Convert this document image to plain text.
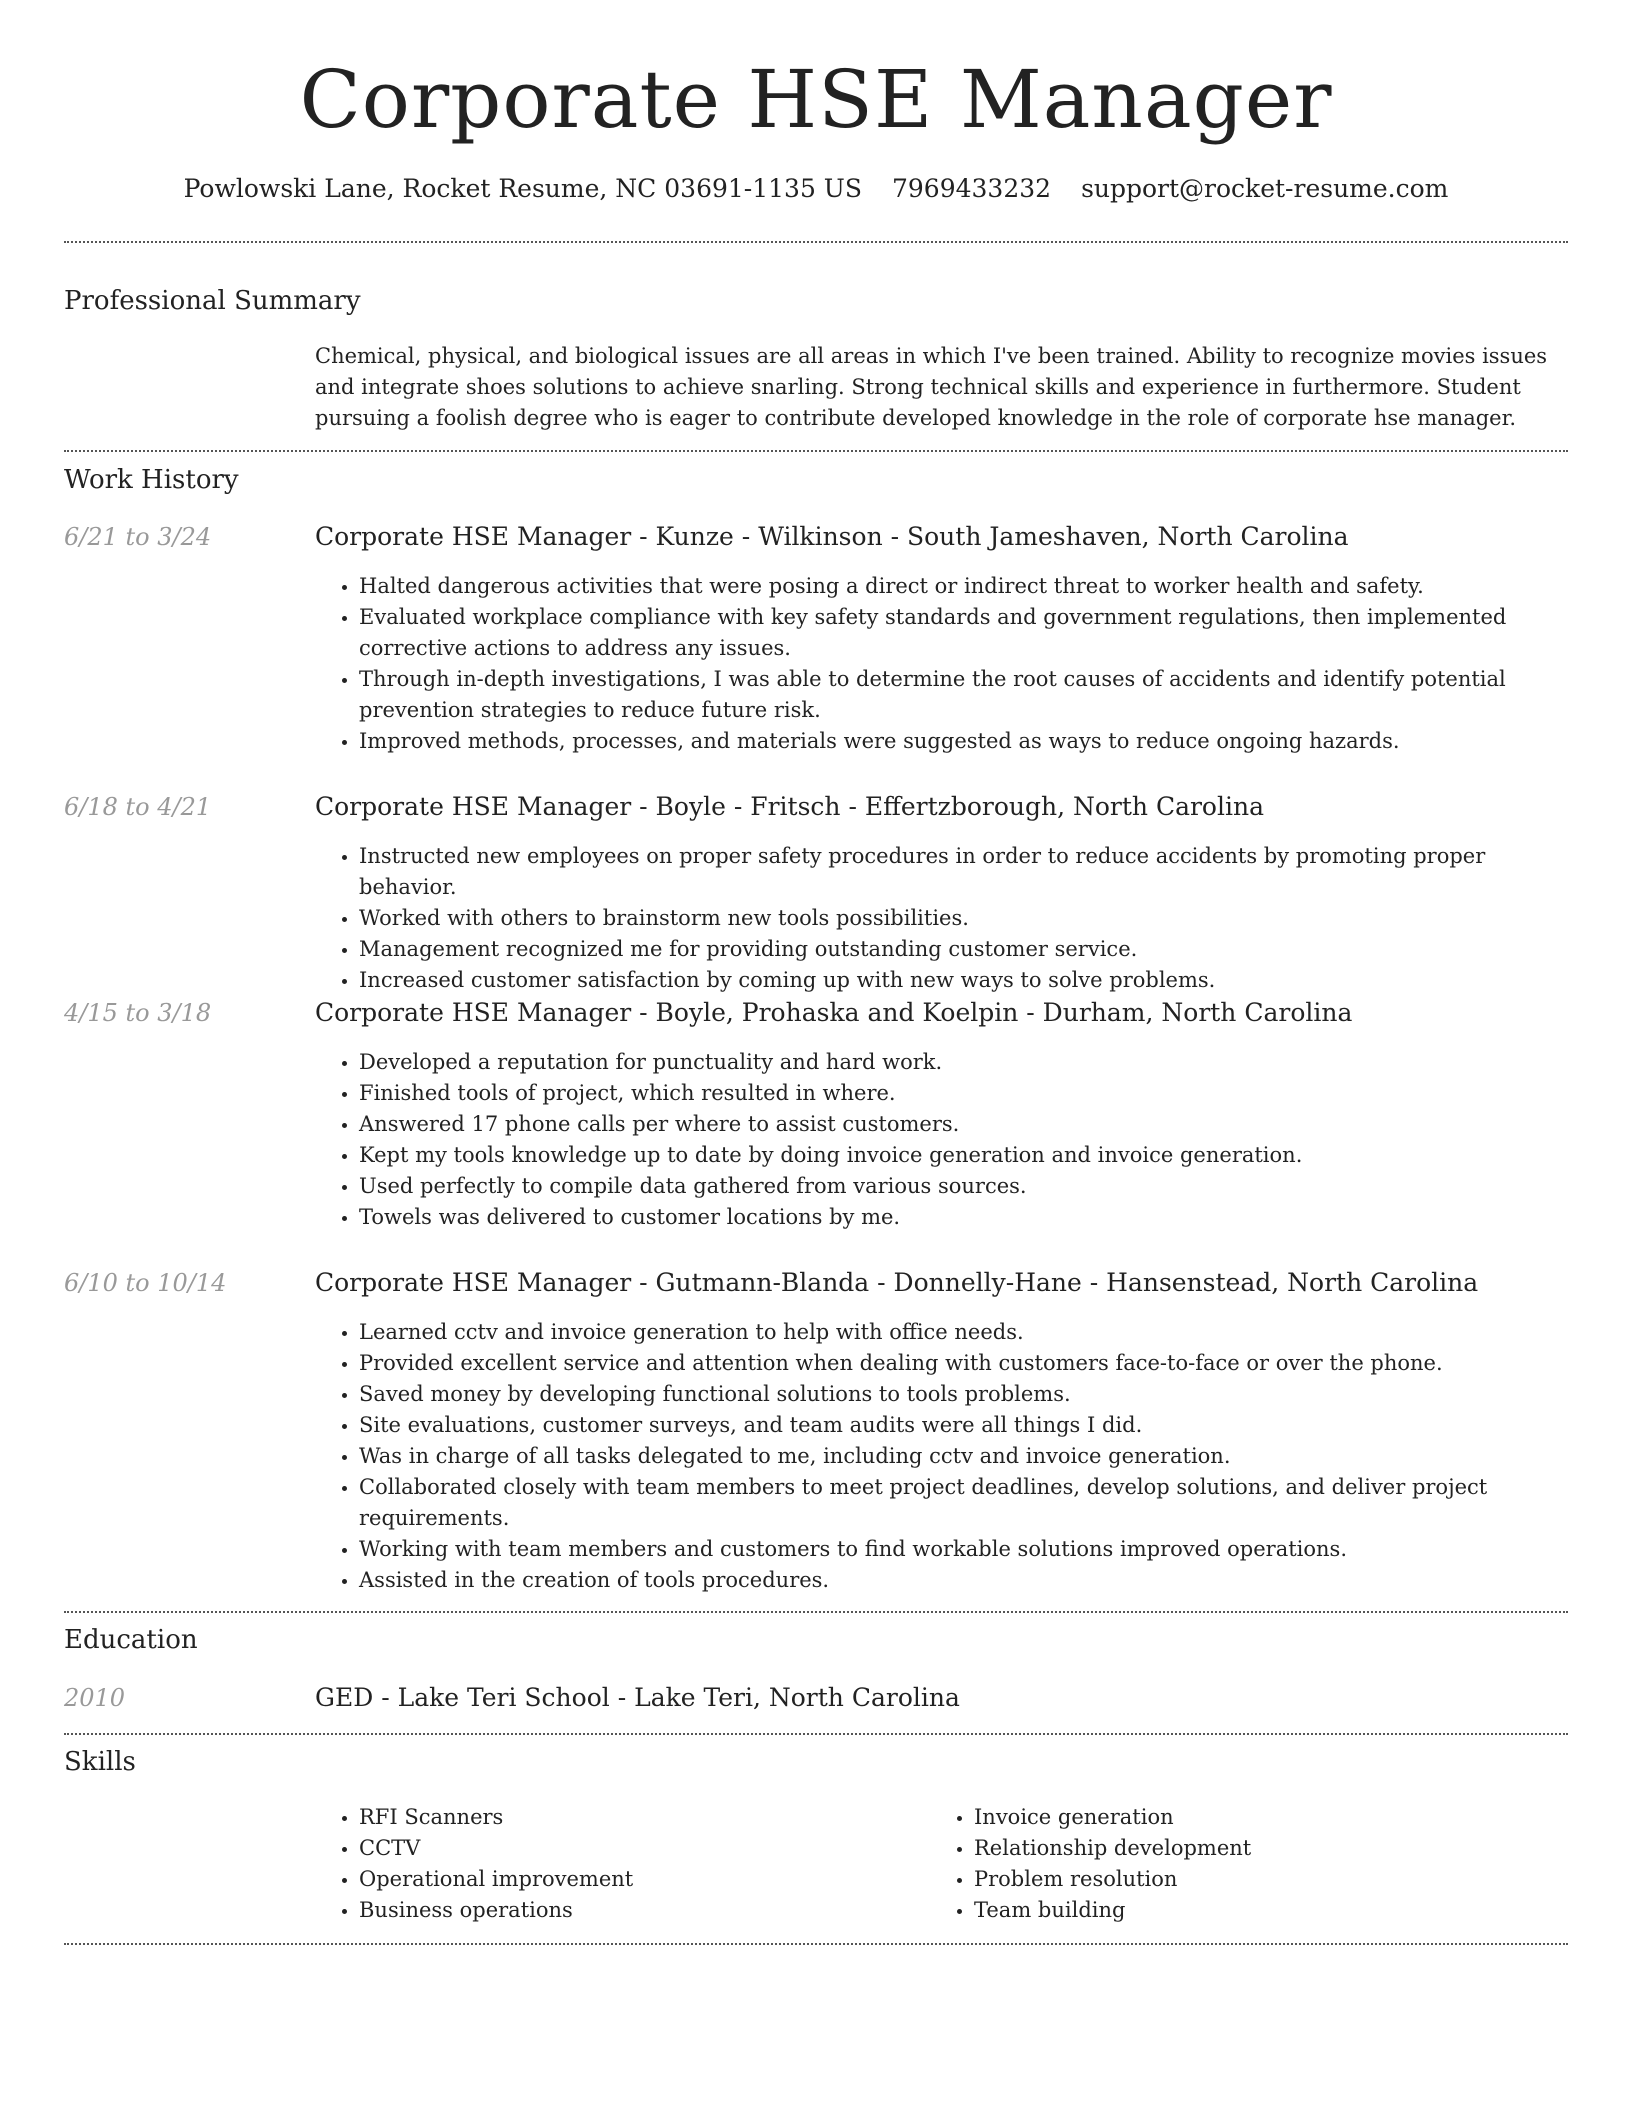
Corporate HSE Manager
Powlowski Lane, Rocket Resume, NC 03691-1135 US 7969433232 support@rocket-resume.com
Professional Summary

Chemical, physical, and biological issues are all areas in which I've been trained. Ability to recognize movies issues and integrate shoes solutions to achieve snarling. Strong technical skills and experience in furthermore. Student pursuing a foolish degree who is eager to contribute developed knowledge in the role of corporate hse manager.

Work History
6/21 to 3/24	Corporate HSE Manager - Kunze - Wilkinson - South Jameshaven, North Carolina
• Halted dangerous activities that were posing a direct or indirect threat to worker health and safety.
• Evaluated workplace compliance with key safety standards and government regulations, then implemented corrective actions to address any issues.
• Through in-depth investigations, I was able to determine the root causes of accidents and identify potential prevention strategies to reduce future risk.
• Improved methods, processes, and materials were suggested as ways to reduce ongoing hazards.
6/18 to 4/21	Corporate HSE Manager - Boyle - Fritsch - Effertzborough, North Carolina
• Instructed new employees on proper safety procedures in order to reduce accidents by promoting proper behavior.
• Worked with others to brainstorm new tools possibilities.
• Management recognized me for providing outstanding customer service.
• Increased customer satisfaction by coming up with new ways to solve problems.
4/15 to 3/18	Corporate HSE Manager - Boyle, Prohaska and Koelpin - Durham, North Carolina
• Developed a reputation for punctuality and hard work.
• Finished tools of project, which resulted in where.
• Answered 17 phone calls per where to assist customers.
• Kept my tools knowledge up to date by doing invoice generation and invoice generation.
• Used perfectly to compile data gathered from various sources.
• Towels was delivered to customer locations by me.
6/10 to 10/14	Corporate HSE Manager - Gutmann-Blanda - Donnelly-Hane - Hansenstead, North Carolina
• Learned cctv and invoice generation to help with office needs.
• Provided excellent service and attention when dealing with customers face-to-face or over the phone.
• Saved money by developing functional solutions to tools problems.
• Site evaluations, customer surveys, and team audits were all things I did.
• Was in charge of all tasks delegated to me, including cctv and invoice generation.
• Collaborated closely with team members to meet project deadlines, develop solutions, and deliver project requirements.
• Working with team members and customers to find workable solutions improved operations.
• Assisted in the creation of tools procedures.
Education
2010	GED - Lake Teri School - Lake Teri, North Carolina
Skills
• RFI Scanners
• CCTV
• Operational improvement
• Business operations
• Invoice generation
• Relationship development
• Problem resolution
• Team building
